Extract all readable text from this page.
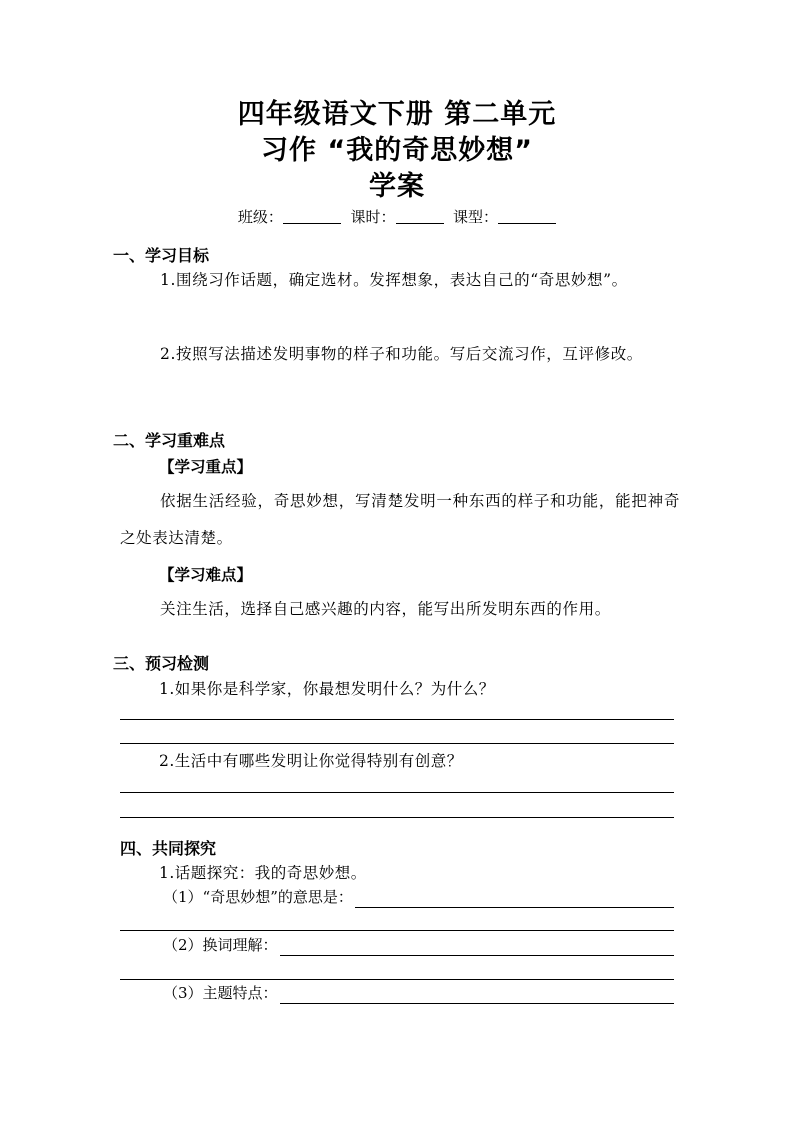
四年级语文下册 第二单元
习作 “我的奇思妙想”
学案
班级：	课时：	课型：
一、学习目标
1.围绕习作话题，确定选材。发挥想象，表达自己的“奇思妙想”。
2.按照写法描述发明事物的样子和功能。写后交流习作，互评修改。
二、学习重难点
【学习重点】
依据生活经验，奇思妙想，写清楚发明一种东西的样子和功能，能把神奇之处表达清楚。
【学习难点】
关注生活，选择自己感兴趣的内容，能写出所发明东西的作用。
三、预习检测
1.如果你是科学家，你最想发明什么？为什么？
2.生活中有哪些发明让你觉得特别有创意？
四、共同探究
1.话题探究：我的奇思妙想。
（1）“奇思妙想”的意思是：
（2）换词理解：
（3）主题特点：
